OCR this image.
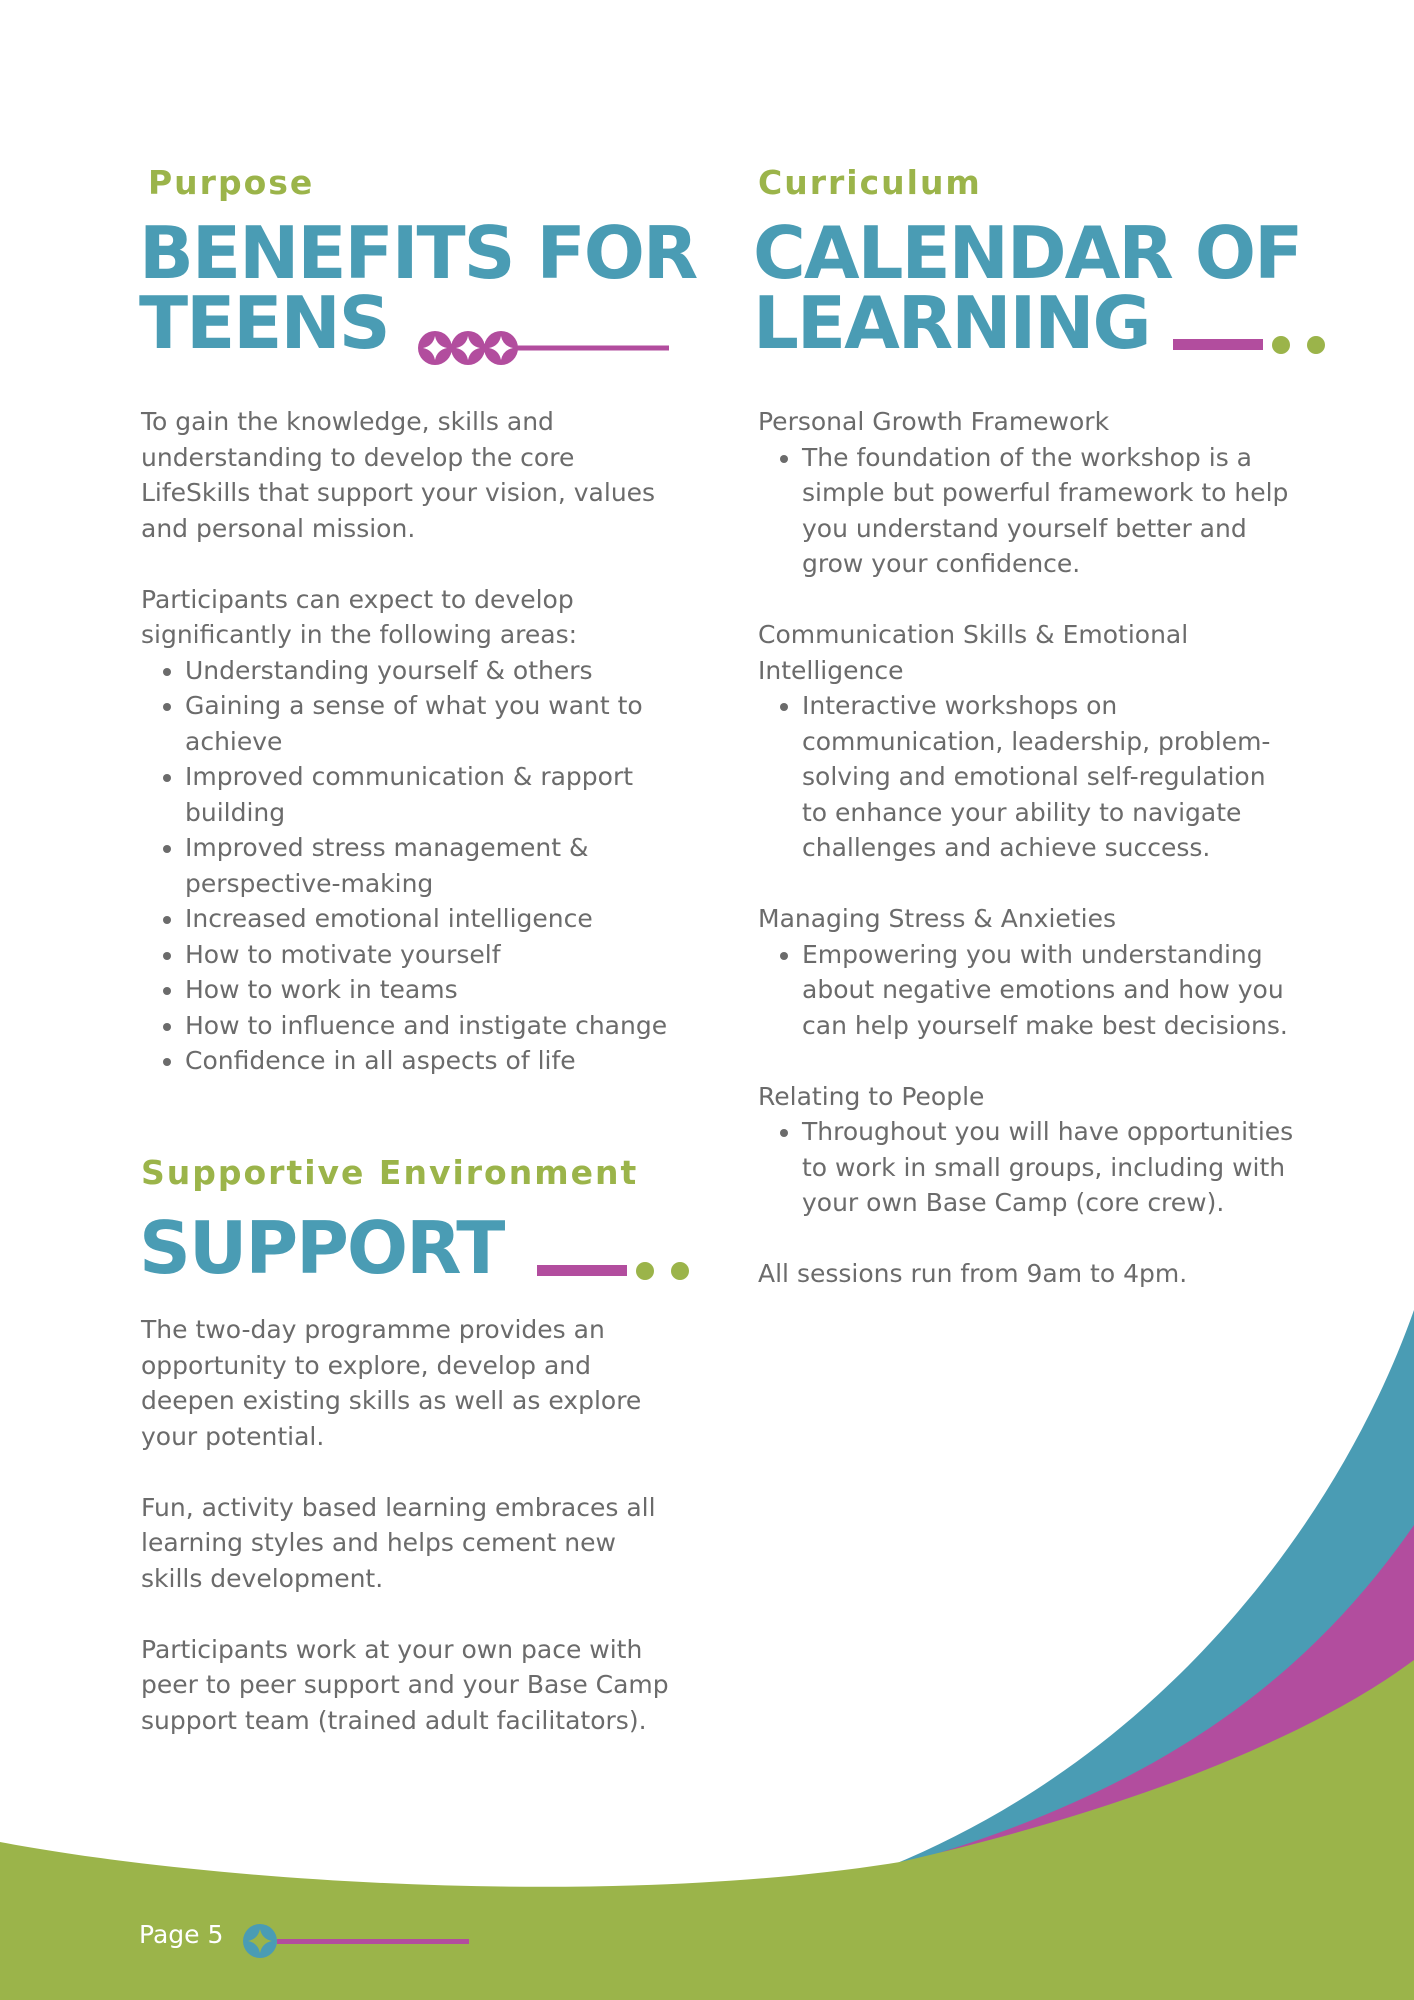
Purpose
BENEFITS FOR
TEENS

To gain the knowledge, skills and understanding to develop the core LifeSkills that support your vision, values and personal mission.

Participants can expect to develop significantly in the following areas:

• Understanding yourself & others
• Gaining a sense of what you want to achieve
• Improved communication & rapport building
• Improved stress management & perspective-making
• Increased emotional intelligence
• How to motivate yourself
• How to work in teams
• How to influence and instigate change
• Confidence in all aspects of life
Supportive Environment
SUPPORT

The two-day programme provides an opportunity to explore, develop and deepen existing skills as well as explore your potential.

Fun, activity based learning embraces all learning styles and helps cement new skills development.

Participants work at your own pace with peer to peer support and your Base Camp support team (trained adult facilitators).

Curriculum
CALENDAR OF
LEARNING

Personal Growth Framework

• The foundation of the workshop is a simple but powerful framework to help you understand yourself better and grow your confidence.

Communication Skills & Emotional Intelligence

• Interactive workshops on communication, leadership, problem-solving and emotional self-regulation to enhance your ability to navigate challenges and achieve success.

Managing Stress & Anxieties

• Empowering you with understanding about negative emotions and how you can help yourself make best decisions.

Relating to People

• Throughout you will have opportunities to work in small groups, including with your own Base Camp (core crew).

All sessions run from 9am to 4pm.

Page 5
